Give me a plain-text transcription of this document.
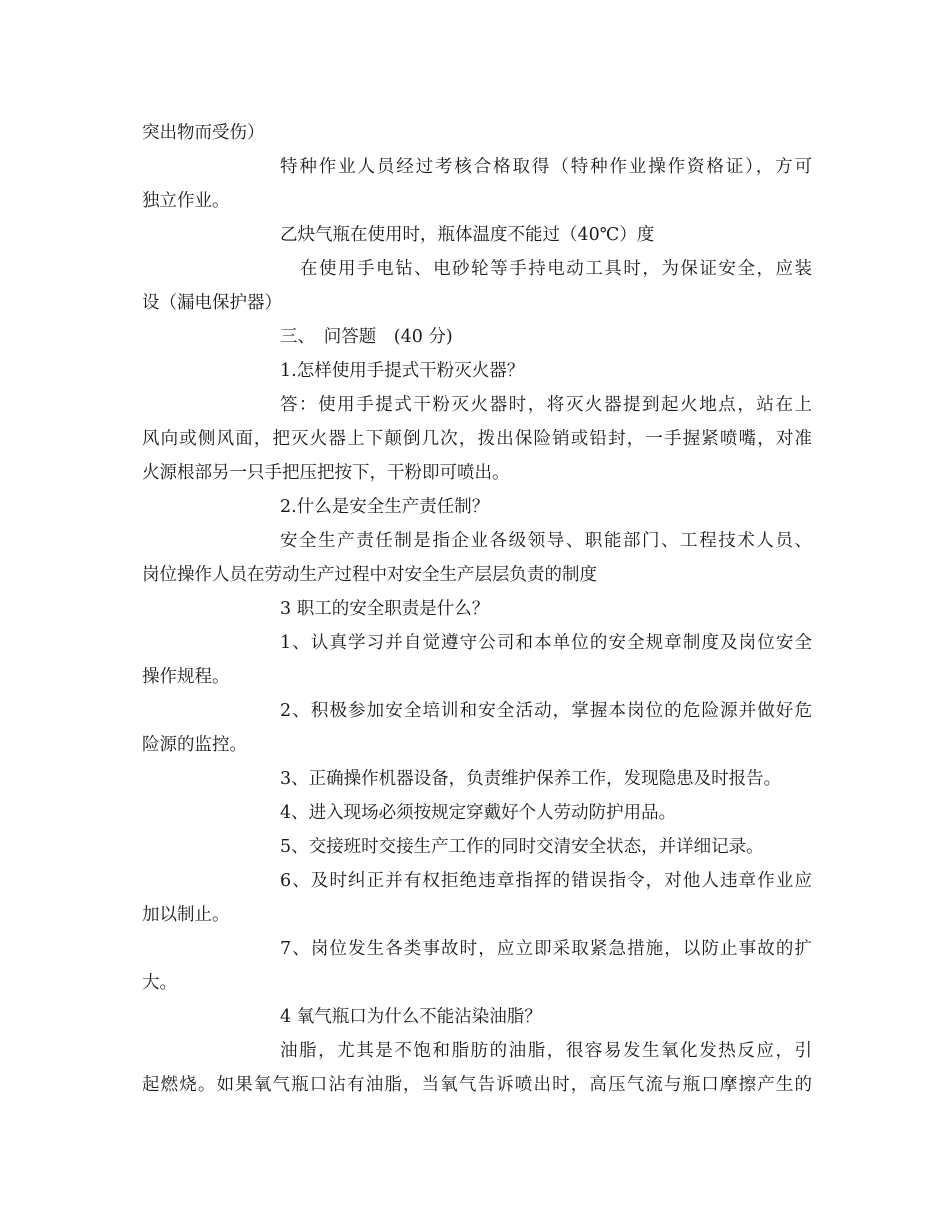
突出物而受伤）
特种作业人员经过考核合格取得（特种作业操作资格证），方可
独立作业。
乙炔气瓶在使用时，瓶体温度不能过（40℃）度
在使用手电钻、电砂轮等手持电动工具时，为保证安全，应装
设（漏电保护器）
三、　问答题　(40 分)
1.怎样使用手提式干粉灭火器？
答：使用手提式干粉灭火器时，将灭火器提到起火地点，站在上
风向或侧风面，把灭火器上下颠倒几次，拨出保险销或铅封，一手握紧喷嘴，对准
火源根部另一只手把压把按下，干粉即可喷出。
2.什么是安全生产责任制？
安全生产责任制是指企业各级领导、职能部门、工程技术人员、
岗位操作人员在劳动生产过程中对安全生产层层负责的制度
3 职工的安全职责是什么？
1、认真学习并自觉遵守公司和本单位的安全规章制度及岗位安全
操作规程。
2、积极参加安全培训和安全活动，掌握本岗位的危险源并做好危
险源的监控。
3、正确操作机器设备，负责维护保养工作，发现隐患及时报告。
4、进入现场必须按规定穿戴好个人劳动防护用品。
5、交接班时交接生产工作的同时交清安全状态，并详细记录。
6、及时纠正并有权拒绝违章指挥的错误指令，对他人违章作业应
加以制止。
7、岗位发生各类事故时，应立即采取紧急措施，以防止事故的扩
大。
4 氧气瓶口为什么不能沾染油脂？
油脂，尤其是不饱和脂肪的油脂，很容易发生氧化发热反应，引
起燃烧。如果氧气瓶口沾有油脂，当氧气告诉喷出时，高压气流与瓶口摩擦产生的
